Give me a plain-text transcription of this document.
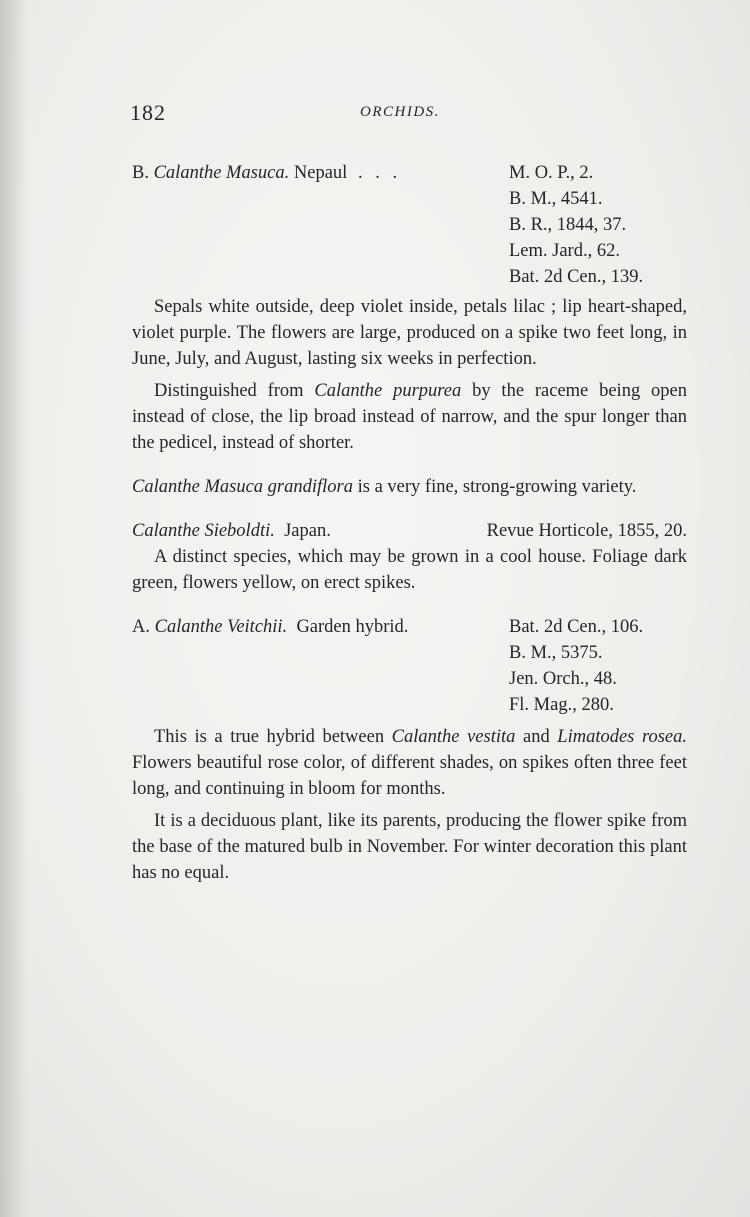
182	ORCHIDS.
B. Calanthe Masuca. Nepaul . . .	M. O. P., 2.
B. M., 4541.
B. R., 1844, 37.
Lem. Jard., 62.
Bat. 2d Cen., 139.

Sepals white outside, deep violet inside, petals lilac ; lip heart-shaped, violet purple. The flowers are large, produced on a spike two feet long, in June, July, and August, lasting six weeks in perfection.

Distinguished from Calanthe purpurea by the raceme being open instead of close, the lip broad instead of narrow, and the spur longer than the pedicel, instead of shorter.

Calanthe Masuca grandiflora is a very fine, strong-growing variety.

Calanthe Sieboldti. Japan.	Revue Horticole, 1855, 20.

A distinct species, which may be grown in a cool house. Foliage dark green, flowers yellow, on erect spikes.

A. Calanthe Veitchii. Garden hybrid.	Bat. 2d Cen., 106.
B. M., 5375.
Jen. Orch., 48.
Fl. Mag., 280.

This is a true hybrid between Calanthe vestita and Limatodes rosea. Flowers beautiful rose color, of different shades, on spikes often three feet long, and continuing in bloom for months.

It is a deciduous plant, like its parents, producing the flower spike from the base of the matured bulb in November. For winter decoration this plant has no equal.
